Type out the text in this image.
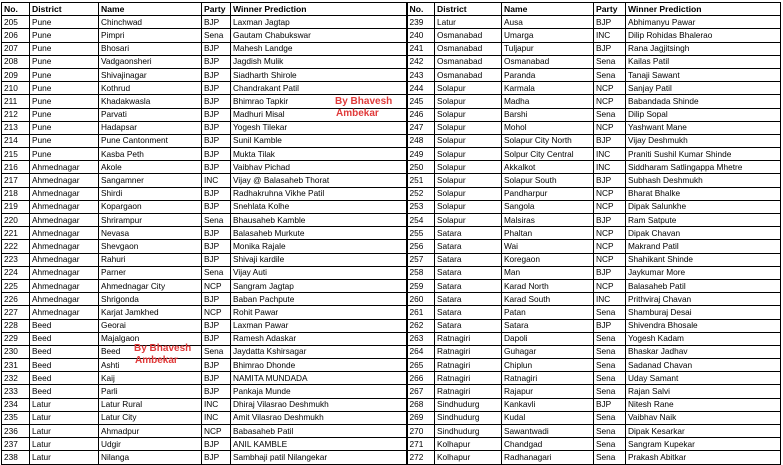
No.	District	Name	Party	Winner Prediction	No.	District	Name	Party	Winner Prediction
205	Pune	Chinchwad	BJP	Laxman Jagtap	239	Latur	Ausa	BJP	Abhimanyu Pawar
206	Pune	Pimpri	Sena	Gautam Chabukswar	240	Osmanabad	Umarga	INC	Dilip Rohidas Bhalerao
207	Pune	Bhosari	BJP	Mahesh Landge	241	Osmanabad	Tuljapur	BJP	Rana Jagjitsingh
208	Pune	Vadgaonsheri	BJP	Jagdish Mulik	242	Osmanabad	Osmanabad	Sena	Kailas Patil
209	Pune	Shivajinagar	BJP	Siadharth Shirole	243	Osmanabad	Paranda	Sena	Tanaji Sawant
210	Pune	Kothrud	BJP	Chandrakant Patil	244	Solapur	Karmala	NCP	Sanjay Patil
211	Pune	Khadakwasla	BJP	Bhimrao Tapkir	245	Solapur	Madha	NCP	Babandada Shinde
212	Pune	Parvati	BJP	Madhuri Misal	246	Solapur	Barshi	Sena	Dilip Sopal
213	Pune	Hadapsar	BJP	Yogesh Tilekar	247	Solapur	Mohol	NCP	Yashwant Mane
214	Pune	Pune Cantonment	BJP	Sunil Kamble	248	Solapur	Solapur City North	BJP	Vijay Deshmukh
215	Pune	Kasba Peth	BJP	Mukta Tilak	249	Solapur	Solpur City Central	INC	Praniti Sushil Kumar Shinde
216	Ahmednagar	Akole	BJP	Vaibhav Pichad	250	Solapur	Akkalkot	INC	Siddharam Satlingappa Mhetre
217	Ahmednagar	Sangamner	INC	Vijay @ Balasaheb Thorat	251	Solapur	Solapur South	BJP	Subhash Deshmukh
218	Ahmednagar	Shirdi	BJP	Radhakruhna Vikhe Patil	252	Solapur	Pandharpur	NCP	Bharat Bhalke
219	Ahmednagar	Kopargaon	BJP	Snehlata Kolhe	253	Solapur	Sangola	NCP	Dipak Salunkhe
220	Ahmednagar	Shrirampur	Sena	Bhausaheb Kamble	254	Solapur	Malsiras	BJP	Ram Satpute
221	Ahmednagar	Nevasa	BJP	Balasaheb Murkute	255	Satara	Phaltan	NCP	Dipak Chavan
222	Ahmednagar	Shevgaon	BJP	Monika Rajale	256	Satara	Wai	NCP	Makrand Patil
223	Ahmednagar	Rahuri	BJP	Shivaji kardile	257	Satara	Koregaon	NCP	Shahikant Shinde
224	Ahmednagar	Parner	Sena	Vijay Auti	258	Satara	Man	BJP	Jaykumar More
225	Ahmednagar	Ahmednagar City	NCP	Sangram Jagtap	259	Satara	Karad North	NCP	Balasaheb Patil
226	Ahmednagar	Shrigonda	BJP	Baban Pachpute	260	Satara	Karad South	INC	Prithviraj Chavan
227	Ahmednagar	Karjat Jamkhed	NCP	Rohit Pawar	261	Satara	Patan	Sena	Shamburaj Desai
228	Beed	Georai	BJP	Laxman Pawar	262	Satara	Satara	BJP	Shivendra Bhosale
229	Beed	Majalgaon	BJP	Ramesh Adaskar	263	Ratnagiri	Dapoli	Sena	Yogesh Kadam
230	Beed	Beed	Sena	Jaydatta Kshirsagar	264	Ratnagiri	Guhagar	Sena	Bhaskar Jadhav
231	Beed	Ashti	BJP	Bhimrao Dhonde	265	Ratnagiri	Chiplun	Sena	Sadanad Chavan
232	Beed	Kaij	BJP	NAMITA MUNDADA	266	Ratnagiri	Ratnagiri	Sena	Uday Samant
233	Beed	Parli	BJP	Pankaja Munde	267	Ratnagiri	Rajapur	Sena	Rajan Salvi
234	Latur	Latur Rural	INC	Dhiraj Vilasrao Deshmukh	268	Sindhudurg	Kankavli	BJP	Nitesh Rane
235	Latur	Latur City	INC	Amit Vilasrao Deshmukh	269	Sindhudurg	Kudal	Sena	Vaibhav Naik
236	Latur	Ahmadpur	NCP	Babasaheb Patil	270	Sindhudurg	Sawantwadi	Sena	Dipak Kesarkar
237	Latur	Udgir	BJP	ANIL KAMBLE	271	Kolhapur	Chandgad	Sena	Sangram Kupekar
238	Latur	Nilanga	BJP	Sambhaji patil Nilangekar	272	Kolhapur	Radhanagari	Sena	Prakash Abitkar
By Bhavesh
Ambekar
By Bhavesh
Ambekar
